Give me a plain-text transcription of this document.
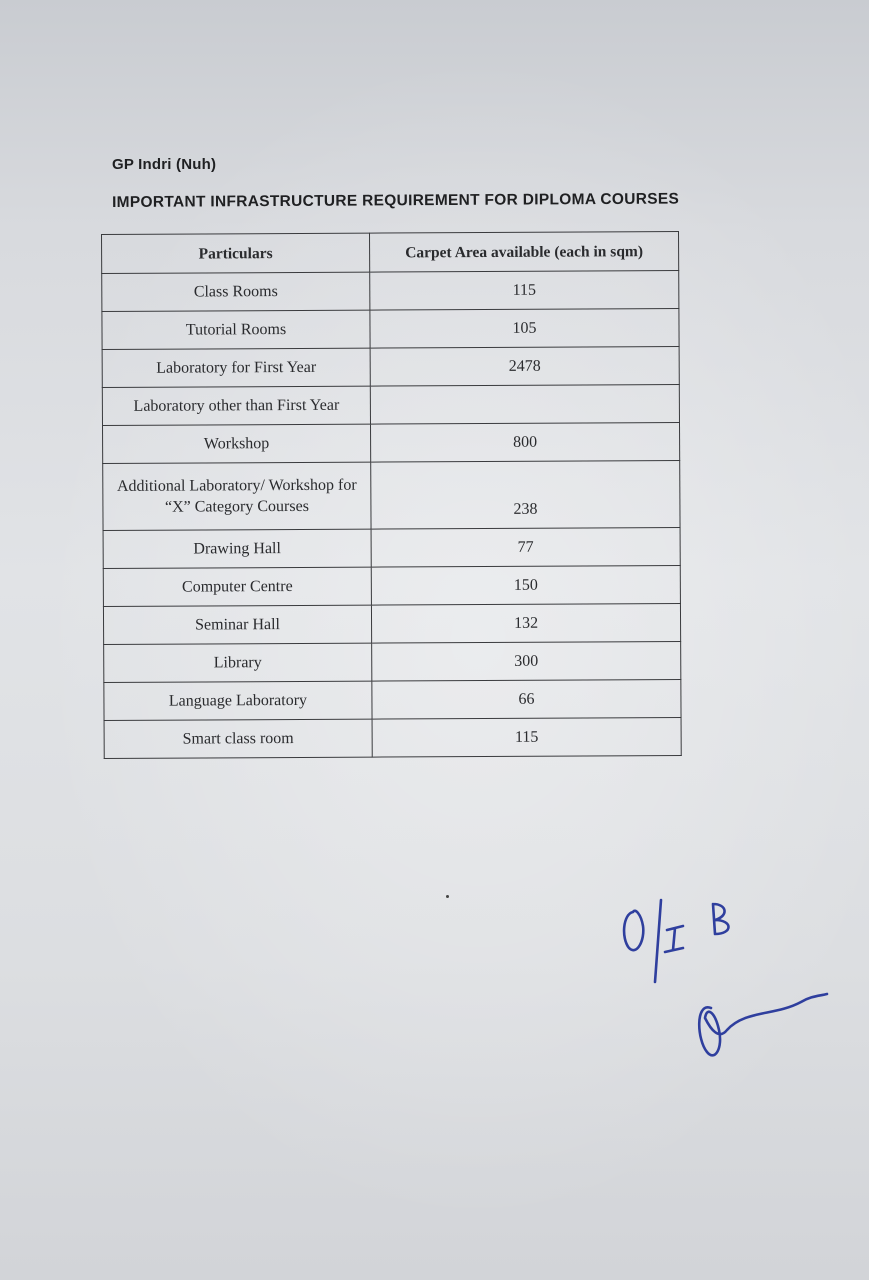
GP Indri (Nuh)
IMPORTANT INFRASTRUCTURE REQUIREMENT FOR DIPLOMA COURSES
Particulars	Carpet Area available (each in sqm)
Class Rooms	115
Tutorial Rooms	105
Laboratory for First Year	2478
Laboratory other than First Year	
Workshop	800
Additional Laboratory/ Workshop for “X” Category Courses	238
Drawing Hall	77
Computer Centre	150
Seminar Hall	132
Library	300
Language Laboratory	66
Smart class room	115
